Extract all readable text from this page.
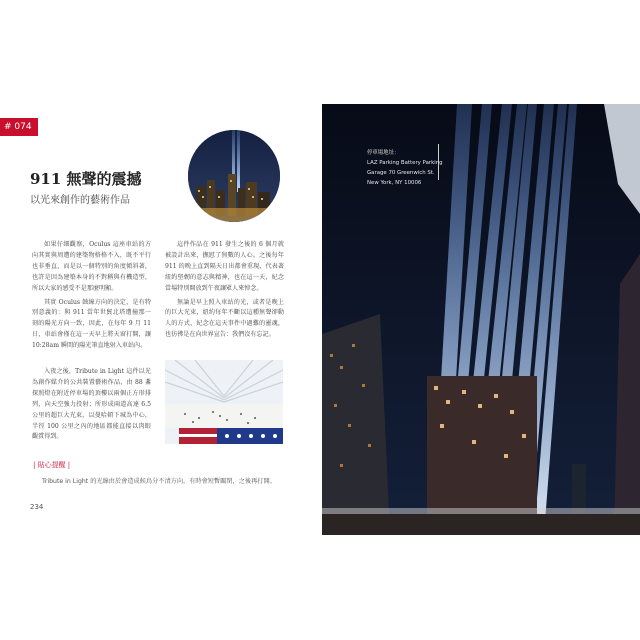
# 074
911 無聲的震撼
以光來創作的藝術作品

如果仔細觀察，Oculus 這座車站的方向其實與周遭的建築物格格不入，既不平行也非垂直，而是以一個特別的角度傾斜著，也許是因為建築本身的不對稱與有機造型，所以大家的感受不是那麼明顯。

其實 Oculus 蝕線方向的決定，是有特別意義的：與 911 當年世貿北塔遭撞那一刻的陽光方向一致，因此，在每年 9 月 11 日，車站會僅在這一天早上將天窗打開，讓 10:28am 瞬間的陽光筆直地射入車站內。

入夜之後，Tribute in Light 這件以光為創作媒介的公共裝置藝術作品，由 88 盞探照燈在附近停車場的頂樓以兩個正方形排列，向天空強力投射；所形成兩道高達 6.5 公里的超巨大光束，以曼哈頓下城為中心，半徑 100 公里之內的地區都能直接以肉眼觀賞得到。

這件作品在 911 發生之後的 6 個月就被設計出來，撫慰了無數的人心。之後每年 911 的晚上直到隔天日出都會重現，代表著紐約堅韌的意志與精神，也在這一天，紀念當場特別開放到午夜讓眾人來悼念。

無論是早上照入車站的光，或者是晚上的巨大光束，紐約每年不斷以這種無聲卻動人的方式，紀念在這天事件中過難的靈魂，也彷彿是在向世界宣告：我們沒有忘記。

| 貼心提醒 |
Tribute in Light 的光線由於會造成候鳥分不清方向，有時會短暫關閉，之後再打開。
234
停車場地址：
LAZ Parking Battery Parking
Garage 70 Greenwich St.
New York, NY 10006
